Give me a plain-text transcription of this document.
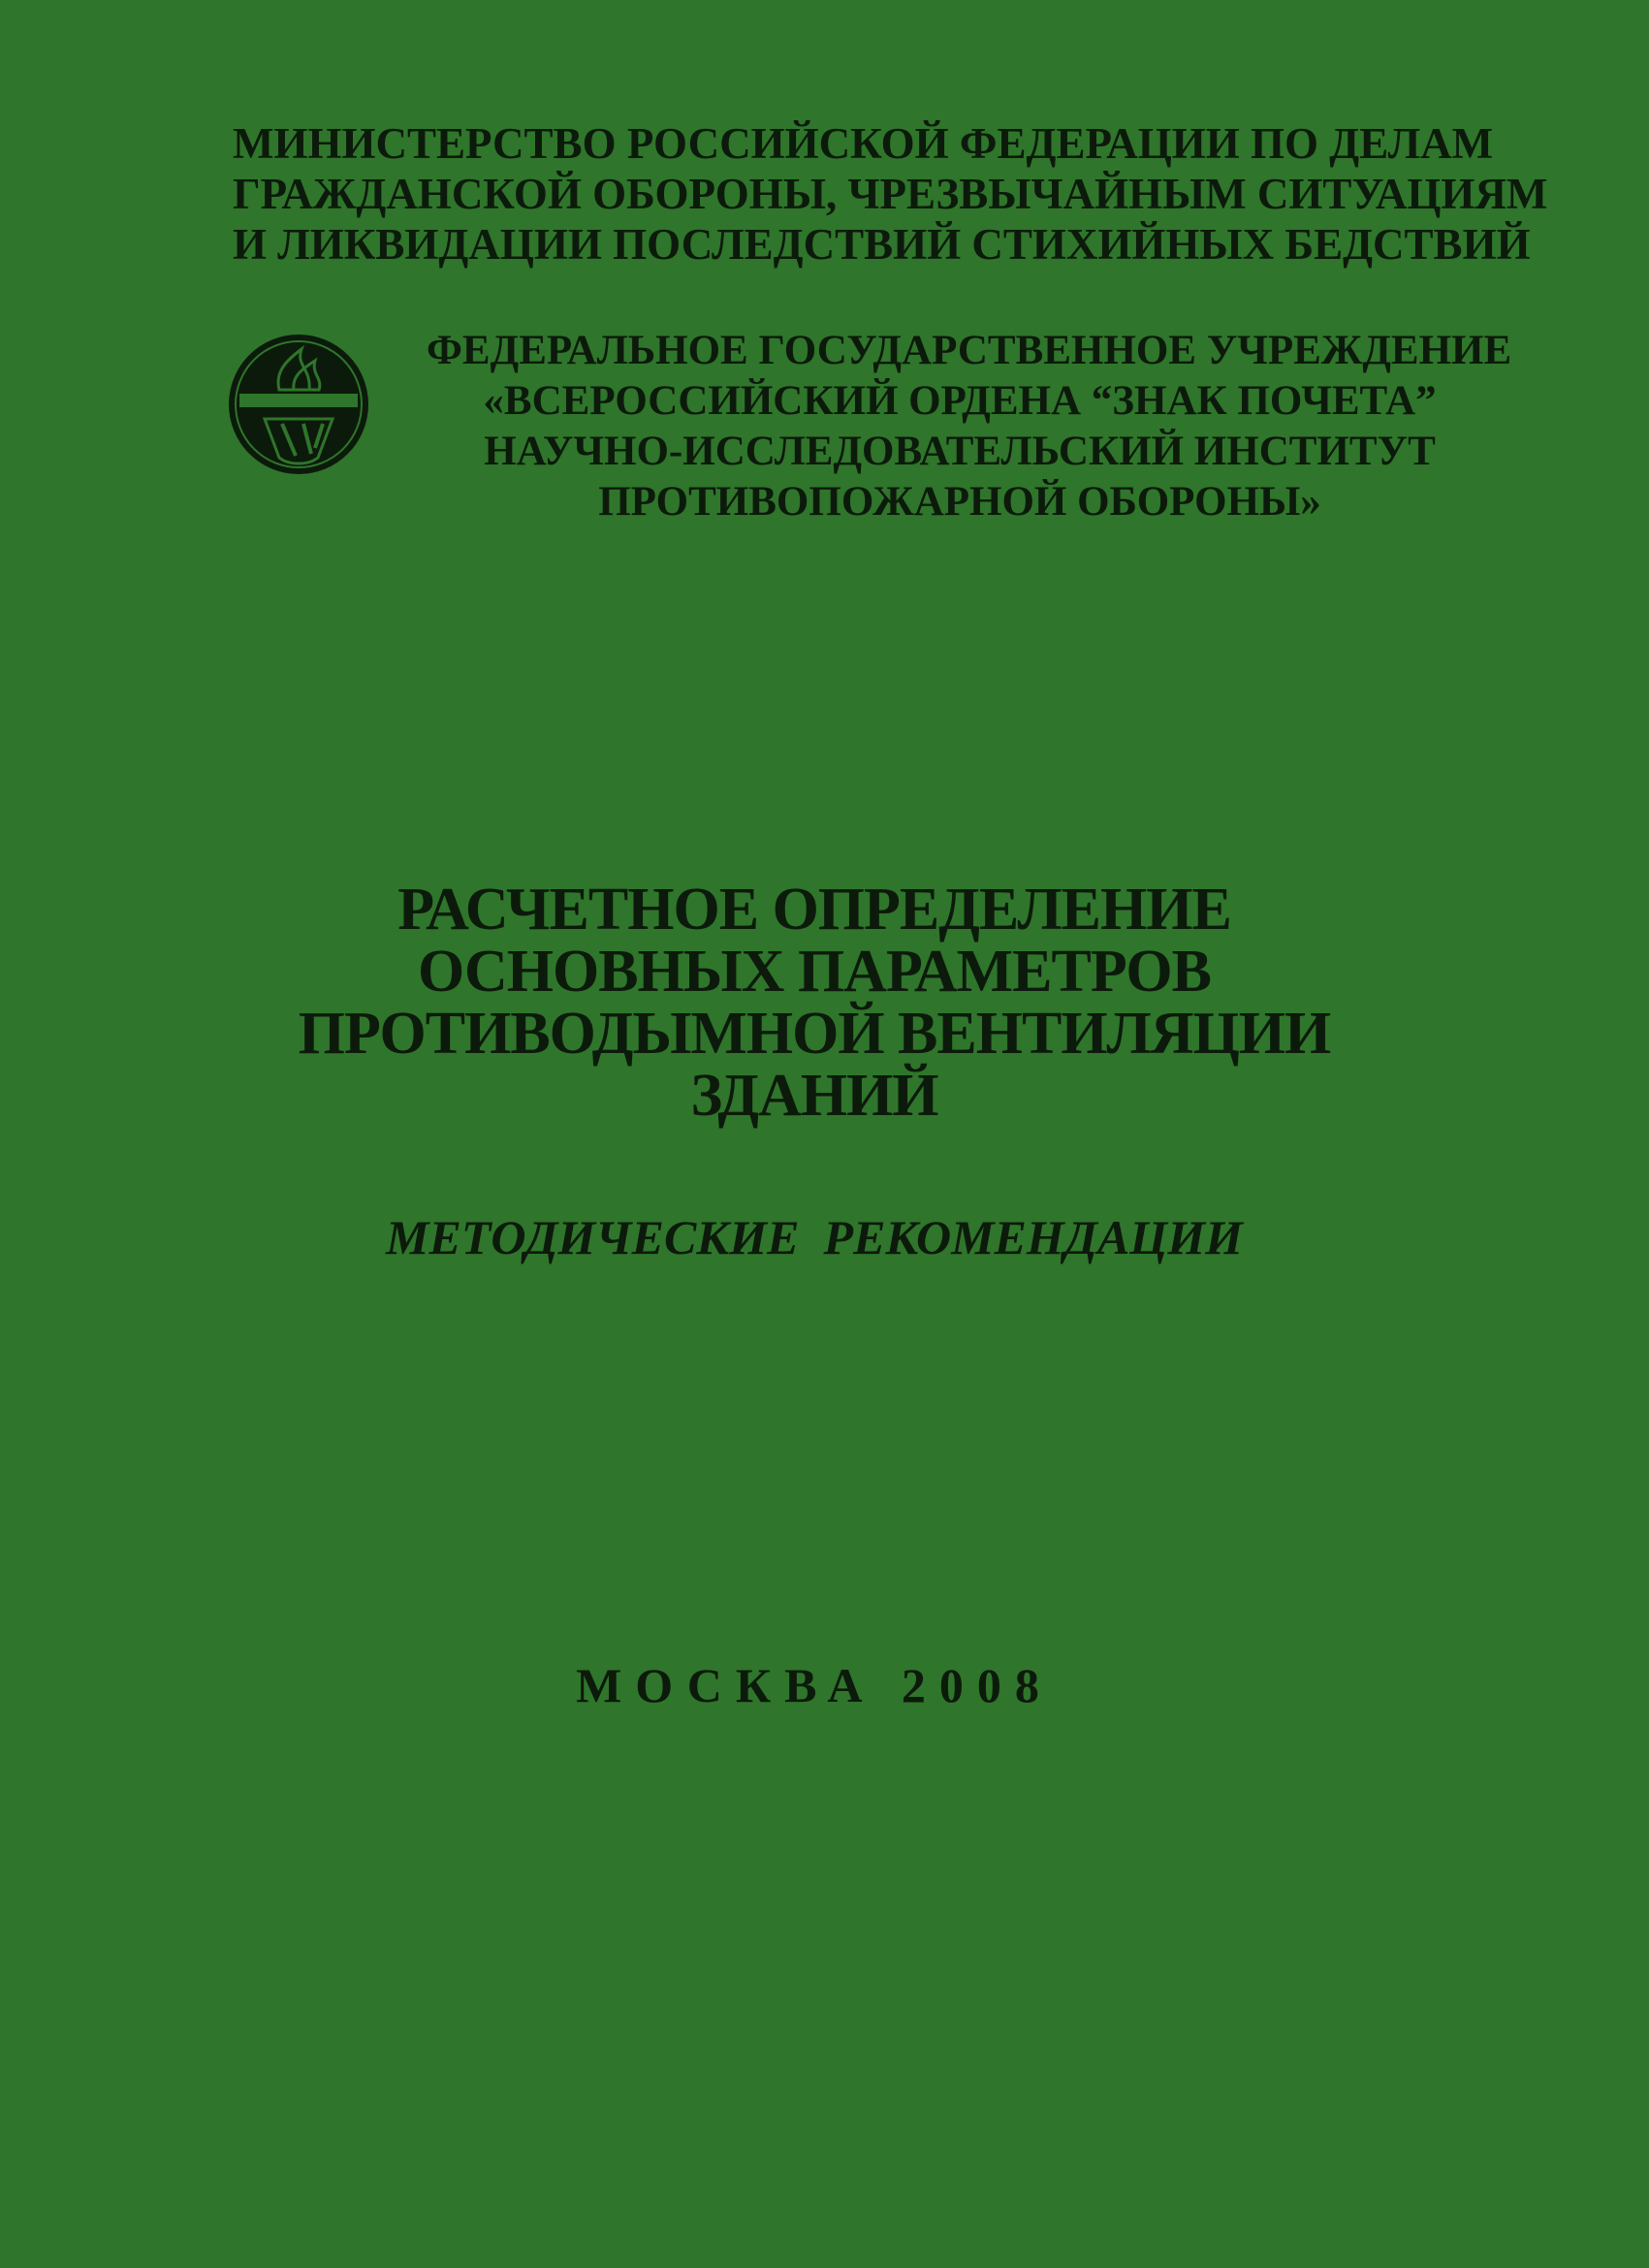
МИНИСТЕРСТВО РОССИЙСКОЙ ФЕДЕРАЦИИ ПО ДЕЛАМ
ГРАЖДАНСКОЙ ОБОРОНЫ, ЧРЕЗВЫЧАЙНЫМ СИТУАЦИЯМ
И ЛИКВИДАЦИИ ПОСЛЕДСТВИЙ СТИХИЙНЫХ БЕДСТВИЙ
ФЕДЕРАЛЬНОЕ ГОСУДАРСТВЕННОЕ УЧРЕЖДЕНИЕ
«ВСЕРОССИЙСКИЙ ОРДЕНА “ЗНАК ПОЧЕТА”
НАУЧНО-ИССЛЕДОВАТЕЛЬСКИЙ ИНСТИТУТ
ПРОТИВОПОЖАРНОЙ ОБОРОНЫ»
РАСЧЕТНОЕ ОПРЕДЕЛЕНИЕ
ОСНОВНЫХ ПАРАМЕТРОВ
ПРОТИВОДЫМНОЙ ВЕНТИЛЯЦИИ
ЗДАНИЙ
МЕТОДИЧЕСКИЕ  РЕКОМЕНДАЦИИ
МОСКВА 2008
